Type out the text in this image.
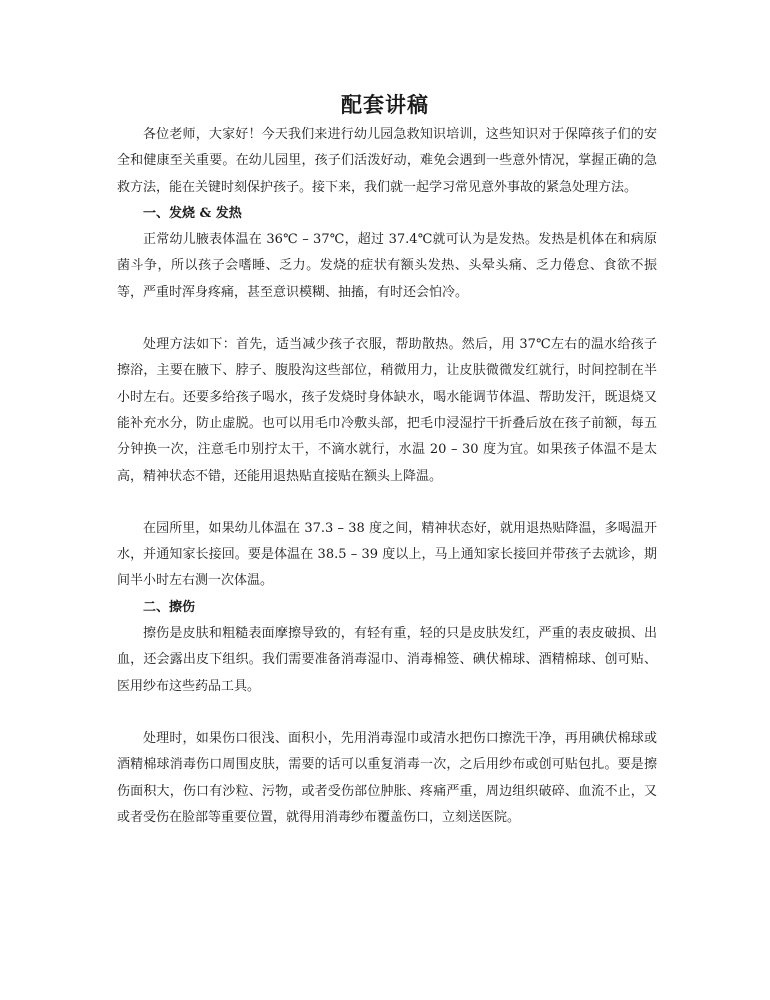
配套讲稿

各位老师，大家好！今天我们来进行幼儿园急救知识培训，这些知识对于保障孩子们的安全和健康至关重要。在幼儿园里，孩子们活泼好动，难免会遇到一些意外情况，掌握正确的急救方法，能在关键时刻保护孩子。接下来，我们就一起学习常见意外事故的紧急处理方法。

一、发烧 & 发热

正常幼儿腋表体温在 36℃ – 37℃，超过 37.4℃就可认为是发热。发热是机体在和病原菌斗争，所以孩子会嗜睡、乏力。发烧的症状有额头发热、头晕头痛、乏力倦怠、食欲不振等，严重时浑身疼痛，甚至意识模糊、抽搐，有时还会怕冷。

处理方法如下：首先，适当减少孩子衣服，帮助散热。然后，用 37℃左右的温水给孩子擦浴，主要在腋下、脖子、腹股沟这些部位，稍微用力，让皮肤微微发红就行，时间控制在半小时左右。还要多给孩子喝水，孩子发烧时身体缺水，喝水能调节体温、帮助发汗，既退烧又能补充水分，防止虚脱。也可以用毛巾冷敷头部，把毛巾浸湿拧干折叠后放在孩子前额，每五分钟换一次，注意毛巾别拧太干，不滴水就行，水温 20 – 30 度为宜。如果孩子体温不是太高，精神状态不错，还能用退热贴直接贴在额头上降温。

在园所里，如果幼儿体温在 37.3 – 38 度之间，精神状态好，就用退热贴降温，多喝温开水，并通知家长接回。要是体温在 38.5 – 39 度以上，马上通知家长接回并带孩子去就诊，期间半小时左右测一次体温。

二、擦伤

擦伤是皮肤和粗糙表面摩擦导致的，有轻有重，轻的只是皮肤发红，严重的表皮破损、出血，还会露出皮下组织。我们需要准备消毒湿巾、消毒棉签、碘伏棉球、酒精棉球、创可贴、医用纱布这些药品工具。

处理时，如果伤口很浅、面积小，先用消毒湿巾或清水把伤口擦洗干净，再用碘伏棉球或酒精棉球消毒伤口周围皮肤，需要的话可以重复消毒一次，之后用纱布或创可贴包扎。要是擦伤面积大，伤口有沙粒、污物，或者受伤部位肿胀、疼痛严重，周边组织破碎、血流不止，又或者受伤在脸部等重要位置，就得用消毒纱布覆盖伤口，立刻送医院。
